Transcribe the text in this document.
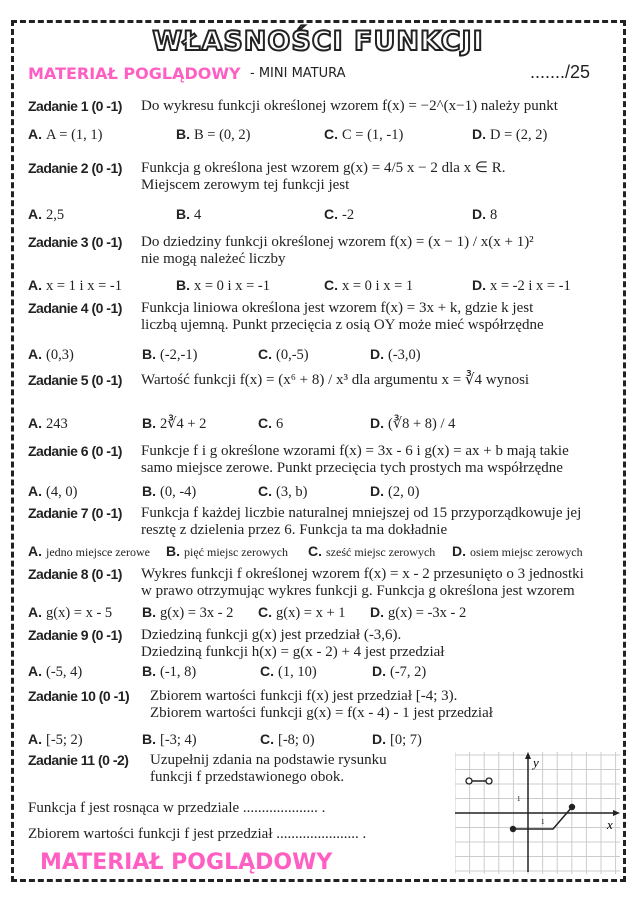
WŁASNOŚCI FUNKCJI
- MINI MATURA	......./25
Zadanie 1 (0 -1) Do wykresu funkcji określonej wzorem f(x) = −2^(x−1) należy punkt
A. A = (1, 1)	B. B = (0, 2)	C. C = (1, -1)	D. D = (2, 2)
Zadanie 2 (0 -1) Funkcja g określona jest wzorem g(x) = 4/5 x − 2 dla x ∈ R.
Miejscem zerowym tej funkcji jest
A. 2,5	B. 4	C. -2	D. 8
Zadanie 3 (0 -1) Do dziedziny funkcji określonej wzorem f(x) = (x − 1) / x(x + 1)²
nie mogą należeć liczby
A. x = 1 i x = -1	B. x = 0 i x = -1	C. x = 0 i x = 1	D. x = -2 i x = -1
Zadanie 4 (0 -1) Funkcja liniowa określona jest wzorem f(x) = 3x + k, gdzie k jest
liczbą ujemną. Punkt przecięcia z osią OY może mieć współrzędne
A. (0,3)	B. (-2,-1)	C. (0,-5)	D. (-3,0)
Zadanie 5 (0 -1) Wartość funkcji f(x) = (x⁶ + 8) / x³ dla argumentu x = ∛4 wynosi
A. 243	B. 2∛4 + 2	C. 6	D. (∛8 + 8) / 4
Zadanie 6 (0 -1) Funkcje f i g określone wzorami f(x) = 3x - 6 i g(x) = ax + b mają takie
samo miejsce zerowe. Punkt przecięcia tych prostych ma współrzędne
A. (4, 0)	B. (0, -4)	C. (3, b)	D. (2, 0)
Zadanie 7 (0 -1) Funkcja f każdej liczbie naturalnej mniejszej od 15 przyporządkowuje jej
resztę z dzielenia przez 6. Funkcja ta ma dokładnie
A. jedno miejsce zerowe B. pięć miejsc zerowych C. sześć miejsc zerowych D. osiem miejsc zerowych
Zadanie 8 (0 -1) Wykres funkcji f określonej wzorem f(x) = x - 2 przesunięto o 3 jednostki
w prawo otrzymując wykres funkcji g. Funkcja g określona jest wzorem
A. g(x) = x - 5 B. g(x) = 3x - 2 C. g(x) = x + 1 D. g(x) = -3x - 2
Zadanie 9 (0 -1) Dziedziną funkcji g(x) jest przedział (-3,6).
Dziedziną funkcji h(x) = g(x - 2) + 4 jest przedział
A. (-5, 4)	B. (-1, 8)	C. (1, 10)	D. (-7, 2)
Zadanie 10 (0 -1) Zbiorem wartości funkcji f(x) jest przedział [-4; 3).
Zbiorem wartości funkcji g(x) = f(x - 4) - 1 jest przedział
A. [-5; 2)	B. [-3; 4)	C. [-8; 0)	D. [0; 7)
Zadanie 11 (0 -2) Uzupełnij zdania na podstawie rysunku
funkcji f przedstawionego obok.
Funkcja f jest rosnąca w przedziale .................... .
Zbiorem wartości funkcji f jest przedział ...................... .
y
x
1
1
MATERIAŁ POGLĄDOWY
MATERIAŁ POGLĄDOWY
